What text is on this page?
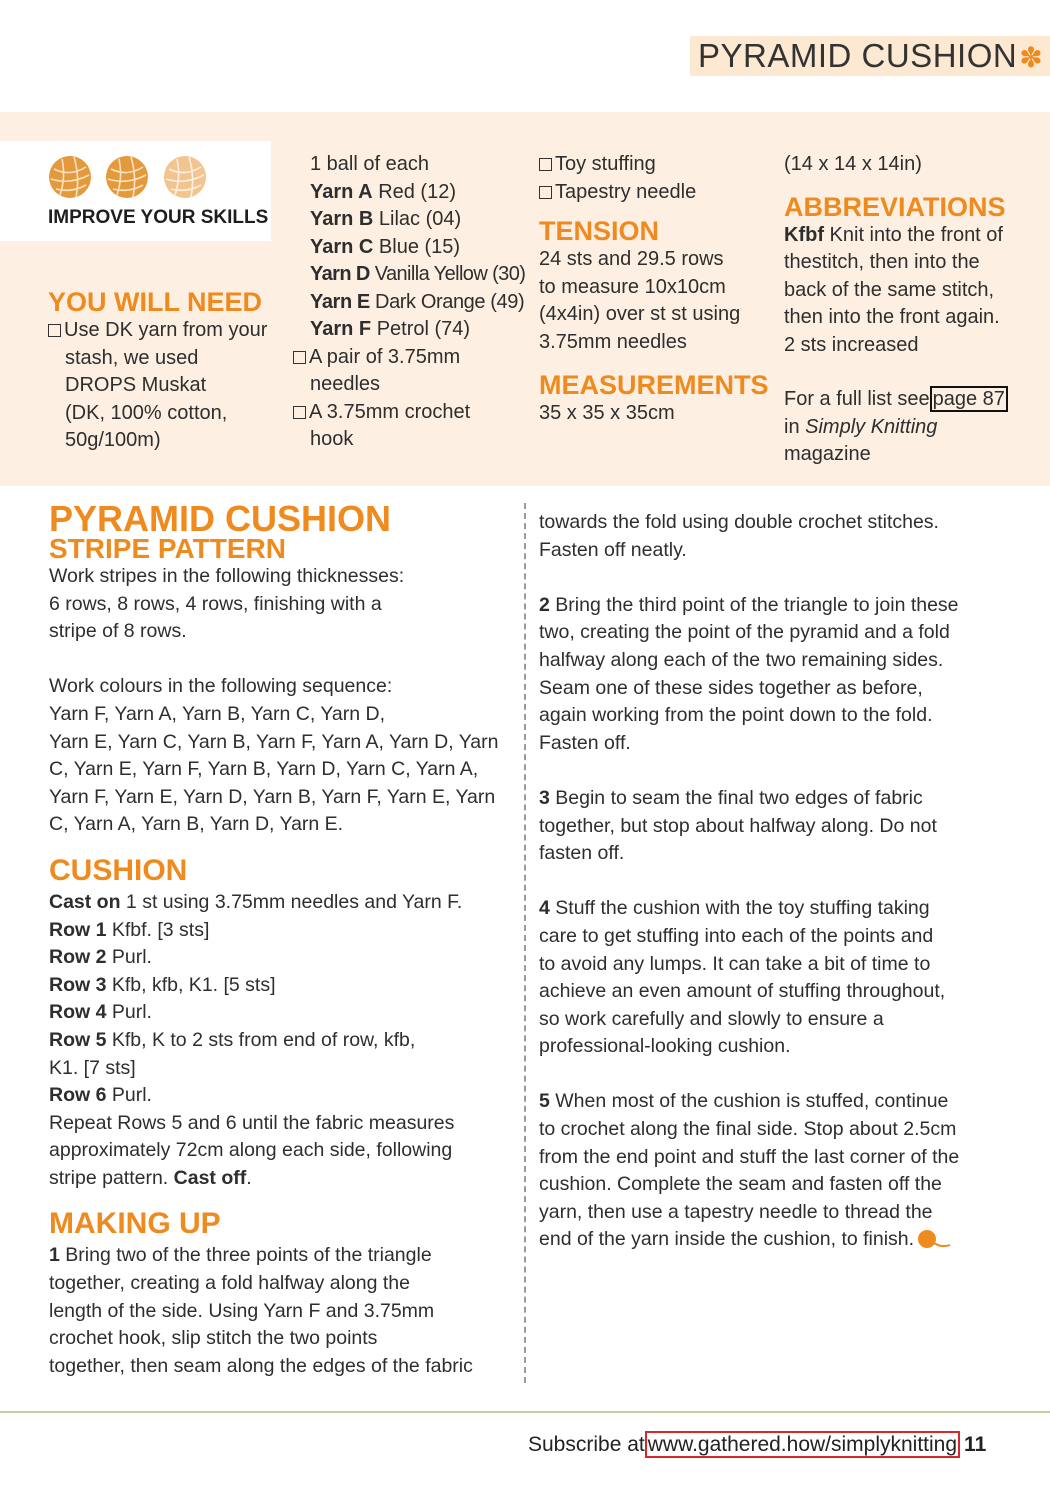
PYRAMID CUSHION✽
IMPROVE YOUR SKILLS

YOU WILL NEED

Use DK yarn from your
stash, we used
DROPS Muskat
(DK, 100% cotton,
50g/100m)

1 ball of each

Yarn A Red (12)

Yarn B Lilac (04)

Yarn C Blue (15)

Yarn D Vanilla Yellow (30)

Yarn E Dark Orange (49)

Yarn F Petrol (74)

A pair of 3.75mm
needles

A 3.75mm crochet
hook

Toy stuffing

Tapestry needle

TENSION

24 sts and 29.5 rows
to measure 10x10cm
(4x4in) over st st using
3.75mm needles

MEASUREMENTS

35 x 35 x 35cm

(14 x 14 x 14in)

ABBREVIATIONS

Kfbf Knit into the front of
thestitch, then into the
back of the same stitch,
then into the front again.
2 sts increased

For a full list see page 87
in Simply Knitting
magazine

PYRAMID CUSHION

STRIPE PATTERN

Work stripes in the following thicknesses:
6 rows, 8 rows, 4 rows, finishing with a
stripe of 8 rows.

Work colours in the following sequence:
Yarn F, Yarn A, Yarn B, Yarn C, Yarn D,
Yarn E, Yarn C, Yarn B, Yarn F, Yarn A, Yarn D, Yarn
C, Yarn E, Yarn F, Yarn B, Yarn D, Yarn C, Yarn A,
Yarn F, Yarn E, Yarn D, Yarn B, Yarn F, Yarn E, Yarn
C, Yarn A, Yarn B, Yarn D, Yarn E.

CUSHION

Cast on 1 st using 3.75mm needles and Yarn F.
Row 1 Kfbf. [3 sts]
Row 2 Purl.
Row 3 Kfb, kfb, K1. [5 sts]
Row 4 Purl.
Row 5 Kfb, K to 2 sts from end of row, kfb,
K1. [7 sts]
Row 6 Purl.
Repeat Rows 5 and 6 until the fabric measures
approximately 72cm along each side, following
stripe pattern. Cast off.

MAKING UP

1 Bring two of the three points of the triangle
together, creating a fold halfway along the
length of the side. Using Yarn F and 3.75mm
crochet hook, slip stitch the two points
together, then seam along the edges of the fabric

towards the fold using double crochet stitches.
Fasten off neatly.

2 Bring the third point of the triangle to join these
two, creating the point of the pyramid and a fold
halfway along each of the two remaining sides.
Seam one of these sides together as before,
again working from the point down to the fold.
Fasten off.

3 Begin to seam the final two edges of fabric
together, but stop about halfway along. Do not
fasten off.

4 Stuff the cushion with the toy stuffing taking
care to get stuffing into each of the points and
to avoid any lumps. It can take a bit of time to
achieve an even amount of stuffing throughout,
so work carefully and slowly to ensure a
professional-looking cushion.

5 When most of the cushion is stuffed, continue
to crochet along the final side. Stop about 2.5cm
from the end point and stuff the last corner of the
cushion. Complete the seam and fasten off the
yarn, then use a tapestry needle to thread the
end of the yarn inside the cushion, to finish.

Subscribe at www.gathered.how/simplyknitting 11
